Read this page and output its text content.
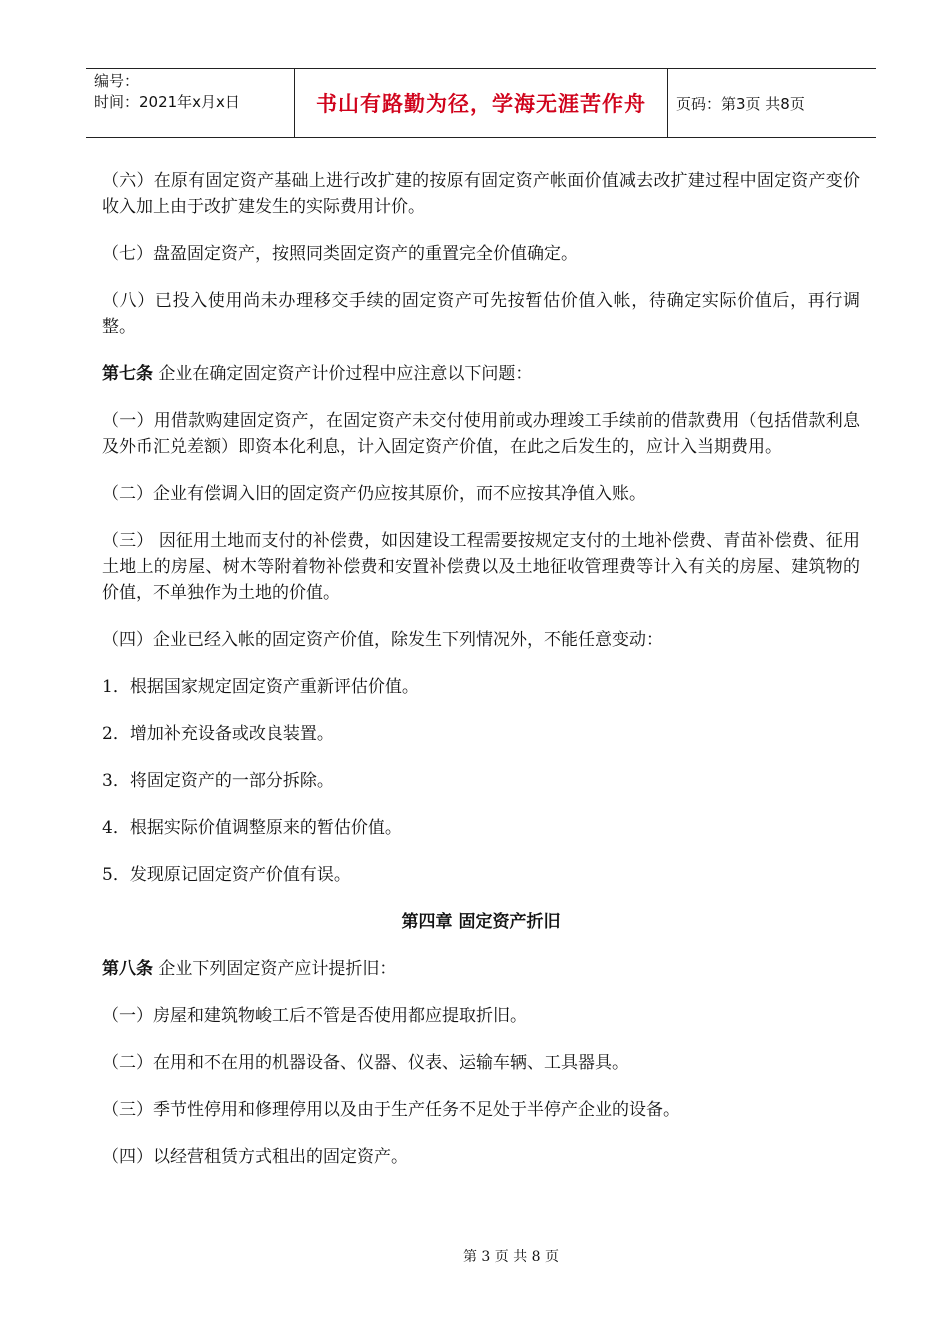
编号：
时间：2021年x月x日	书山有路勤为径，学海无涯苦作舟	页码：第3页 共8页

（六）在原有固定资产基础上进行改扩建的按原有固定资产帐面价值减去改扩建过程中固定资产变价收入加上由于改扩建发生的实际费用计价。

（七）盘盈固定资产，按照同类固定资产的重置完全价值确定。

（八）已投入使用尚未办理移交手续的固定资产可先按暂估价值入帐，待确定实际价值后，再行调整。

第七条 企业在确定固定资产计价过程中应注意以下问题：

（一）用借款购建固定资产，在固定资产未交付使用前或办理竣工手续前的借款费用（包括借款利息及外币汇兑差额）即资本化利息，计入固定资产价值，在此之后发生的，应计入当期费用。

（二）企业有偿调入旧的固定资产仍应按其原价，而不应按其净值入账。

（三） 因征用土地而支付的补偿费，如因建设工程需要按规定支付的土地补偿费、青苗补偿费、征用土地上的房屋、树木等附着物补偿费和安置补偿费以及土地征收管理费等计入有关的房屋、建筑物的价值，不单独作为土地的价值。

（四）企业已经入帐的固定资产价值，除发生下列情况外，不能任意变动：

1．根据国家规定固定资产重新评估价值。

2．增加补充设备或改良装置。

3．将固定资产的一部分拆除。

4．根据实际价值调整原来的暂估价值。

5．发现原记固定资产价值有误。

第四章 固定资产折旧

第八条 企业下列固定资产应计提折旧：

（一）房屋和建筑物峻工后不管是否使用都应提取折旧。

（二）在用和不在用的机器设备、仪器、仪表、运输车辆、工具器具。

（三）季节性停用和修理停用以及由于生产任务不足处于半停产企业的设备。

（四）以经营租赁方式租出的固定资产。

第 3 页 共 8 页
